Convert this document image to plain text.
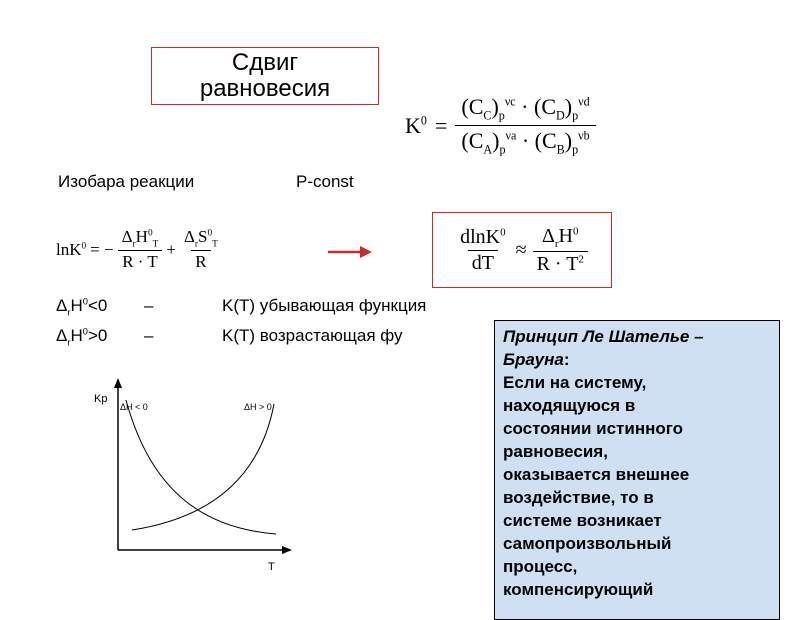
Сдвиг
равновесия
$K^0 = \frac{(C_C)_p^{\nu c} \cdot (C_D)_p^{\nu d}}{(C_A)_p^{\nu a} \cdot (C_B)_p^{\nu b}}$
Изобара реакции	P-const
lnK$^0$ = − $\frac{\Delta_rH^0_T}{R \cdot T} + \frac{\Delta_rS^0_T}{R}$	$\frac{dlnK^0}{dT} \approx \frac{\Delta_rH^0}{R \cdot T^2}$
$\Delta_rH^0<0$	–	K(T) убывающая функция
$\Delta_rH^0>0$	–	K(T) возрастающая фу
Kp
T
ΔH < 0	ΔH > 0
Принцип Ле Шателье – Брауна:
Если на систему,
находящуюся в
состоянии истинного
равновесия,
оказывается внешнее
воздействие, то в
системе возникает
самопроизвольный
процесс,
компенсирующий
